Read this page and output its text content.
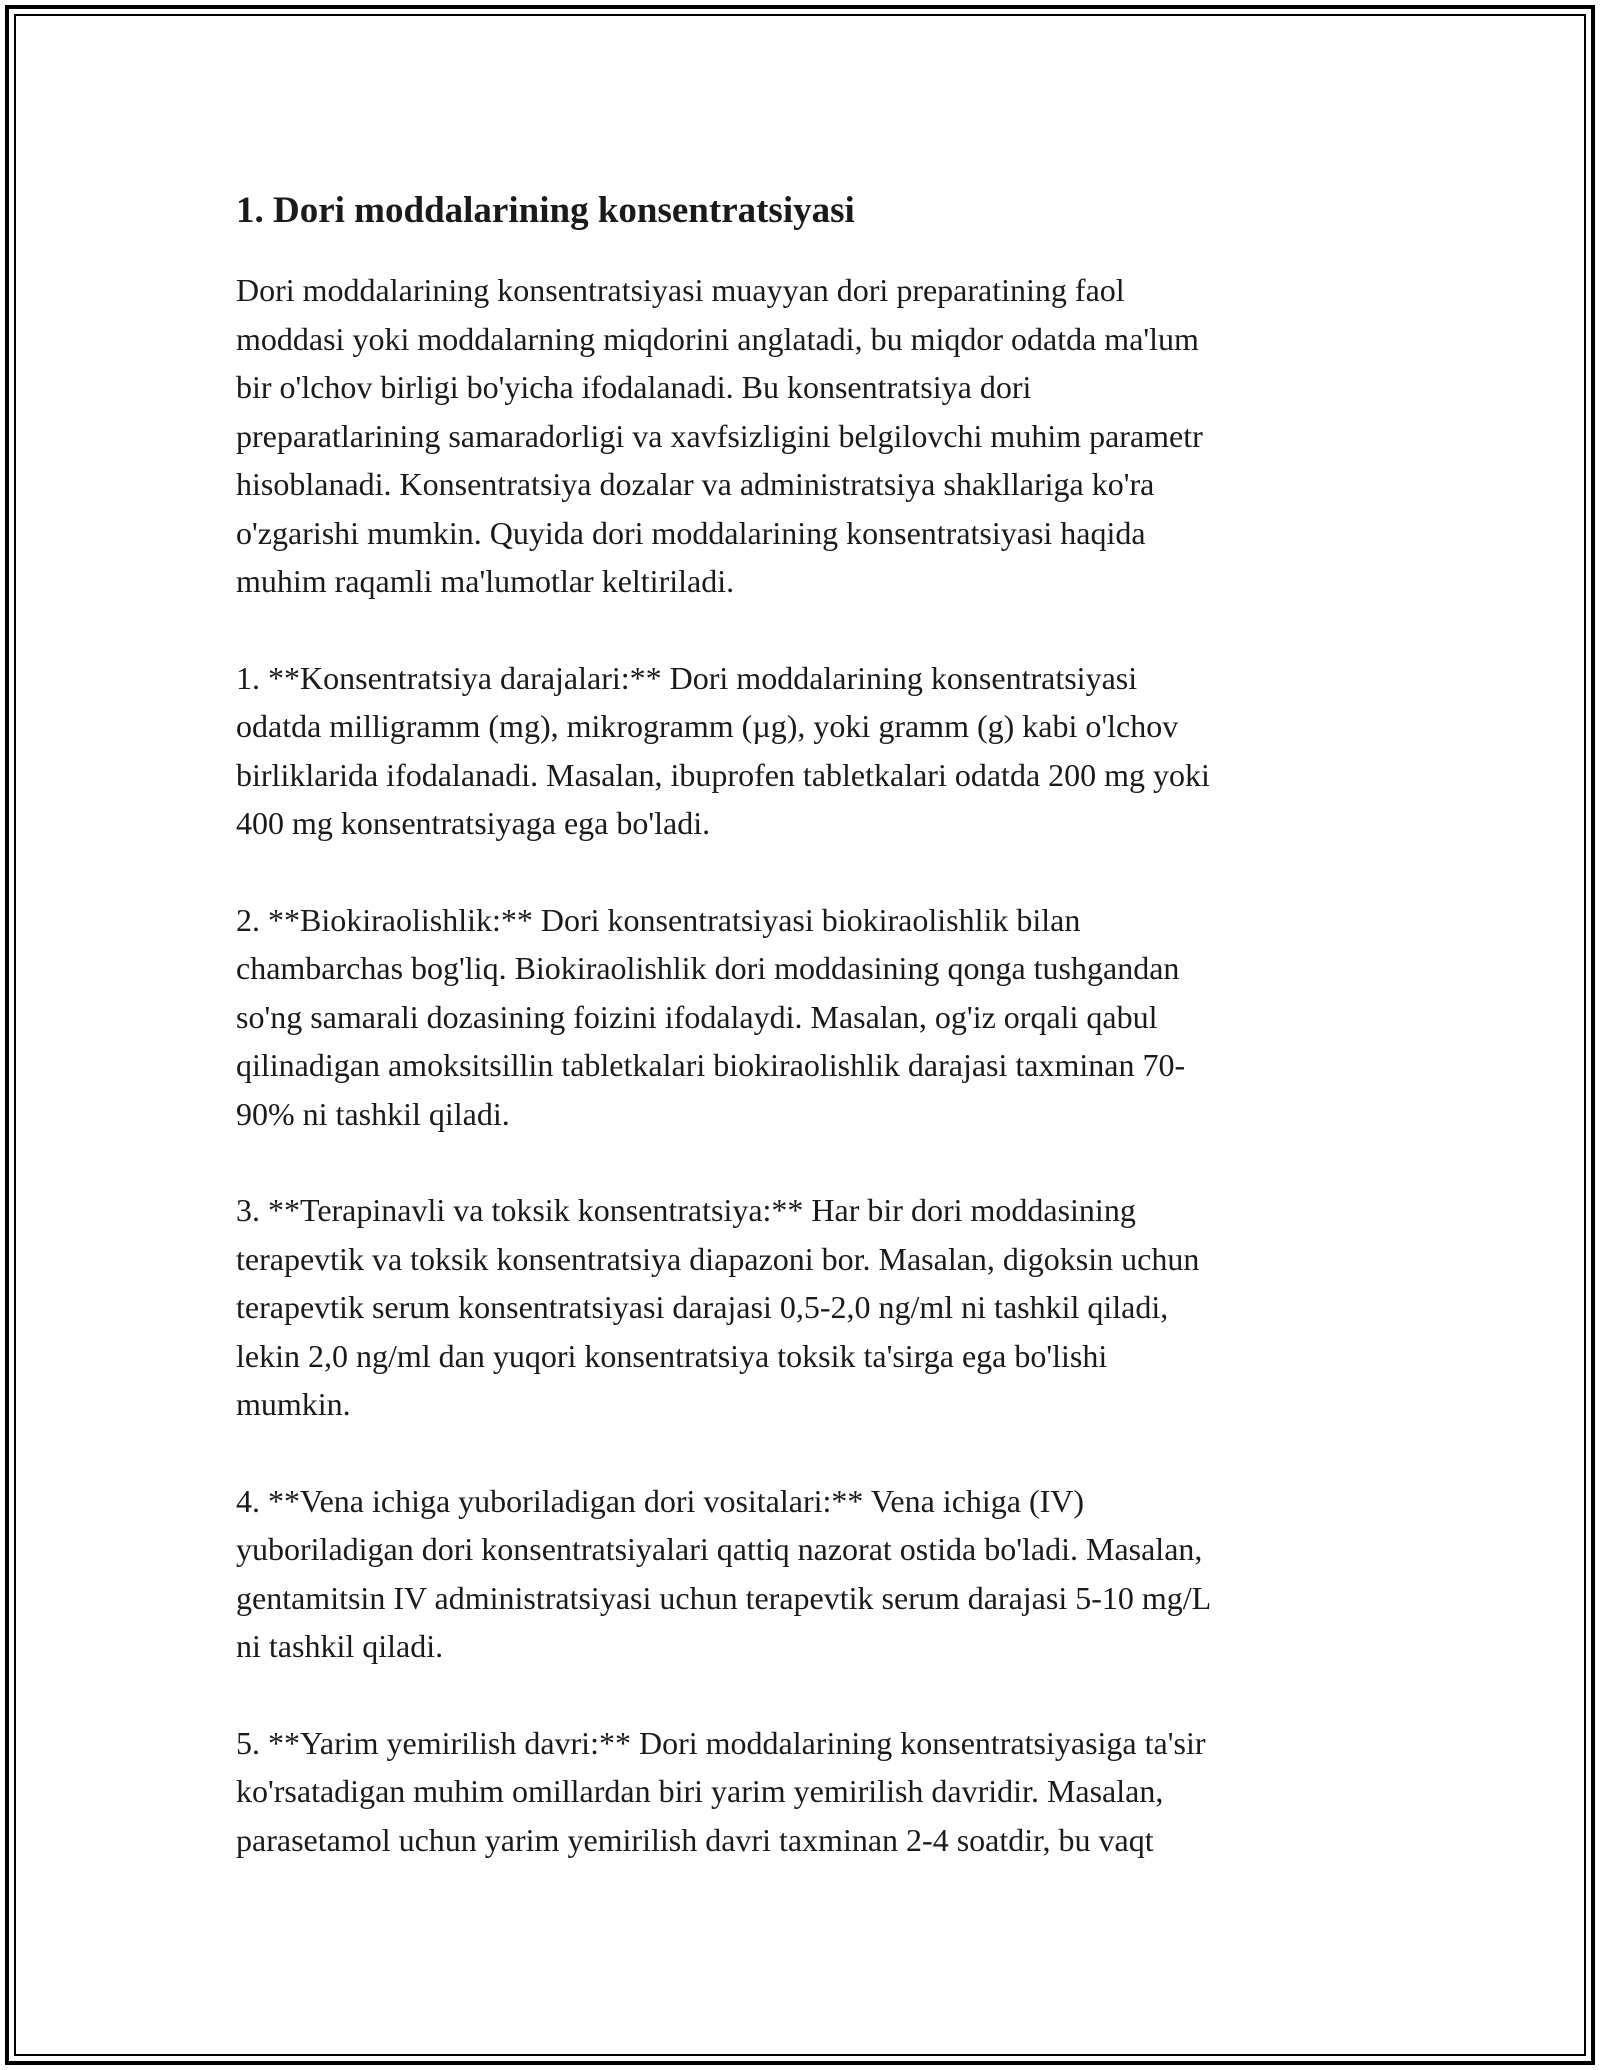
1. Dori moddalarining konsentratsiyasi

Dori moddalarining konsentratsiyasi muayyan dori preparatining faol
moddasi yoki moddalarning miqdorini anglatadi, bu miqdor odatda ma'lum
bir o'lchov birligi bo'yicha ifodalanadi. Bu konsentratsiya dori
preparatlarining samaradorligi va xavfsizligini belgilovchi muhim parametr
hisoblanadi. Konsentratsiya dozalar va administratsiya shakllariga ko'ra
o'zgarishi mumkin. Quyida dori moddalarining konsentratsiyasi haqida
muhim raqamli ma'lumotlar keltiriladi.

1. **Konsentratsiya darajalari:** Dori moddalarining konsentratsiyasi
odatda milligramm (mg), mikrogramm (µg), yoki gramm (g) kabi o'lchov
birliklarida ifodalanadi. Masalan, ibuprofen tabletkalari odatda 200 mg yoki
400 mg konsentratsiyaga ega bo'ladi.

2. **Biokiraolishlik:** Dori konsentratsiyasi biokiraolishlik bilan
chambarchas bog'liq. Biokiraolishlik dori moddasining qonga tushgandan
so'ng samarali dozasining foizini ifodalaydi. Masalan, og'iz orqali qabul
qilinadigan amoksitsillin tabletkalari biokiraolishlik darajasi taxminan 70-
90% ni tashkil qiladi.

3. **Terapinavli va toksik konsentratsiya:** Har bir dori moddasining
terapevtik va toksik konsentratsiya diapazoni bor. Masalan, digoksin uchun
terapevtik serum konsentratsiyasi darajasi 0,5-2,0 ng/ml ni tashkil qiladi,
lekin 2,0 ng/ml dan yuqori konsentratsiya toksik ta'sirga ega bo'lishi
mumkin.

4. **Vena ichiga yuboriladigan dori vositalari:** Vena ichiga (IV)
yuboriladigan dori konsentratsiyalari qattiq nazorat ostida bo'ladi. Masalan,
gentamitsin IV administratsiyasi uchun terapevtik serum darajasi 5-10 mg/L
ni tashkil qiladi.

5. **Yarim yemirilish davri:** Dori moddalarining konsentratsiyasiga ta'sir
ko'rsatadigan muhim omillardan biri yarim yemirilish davridir. Masalan,
parasetamol uchun yarim yemirilish davri taxminan 2-4 soatdir, bu vaqt
